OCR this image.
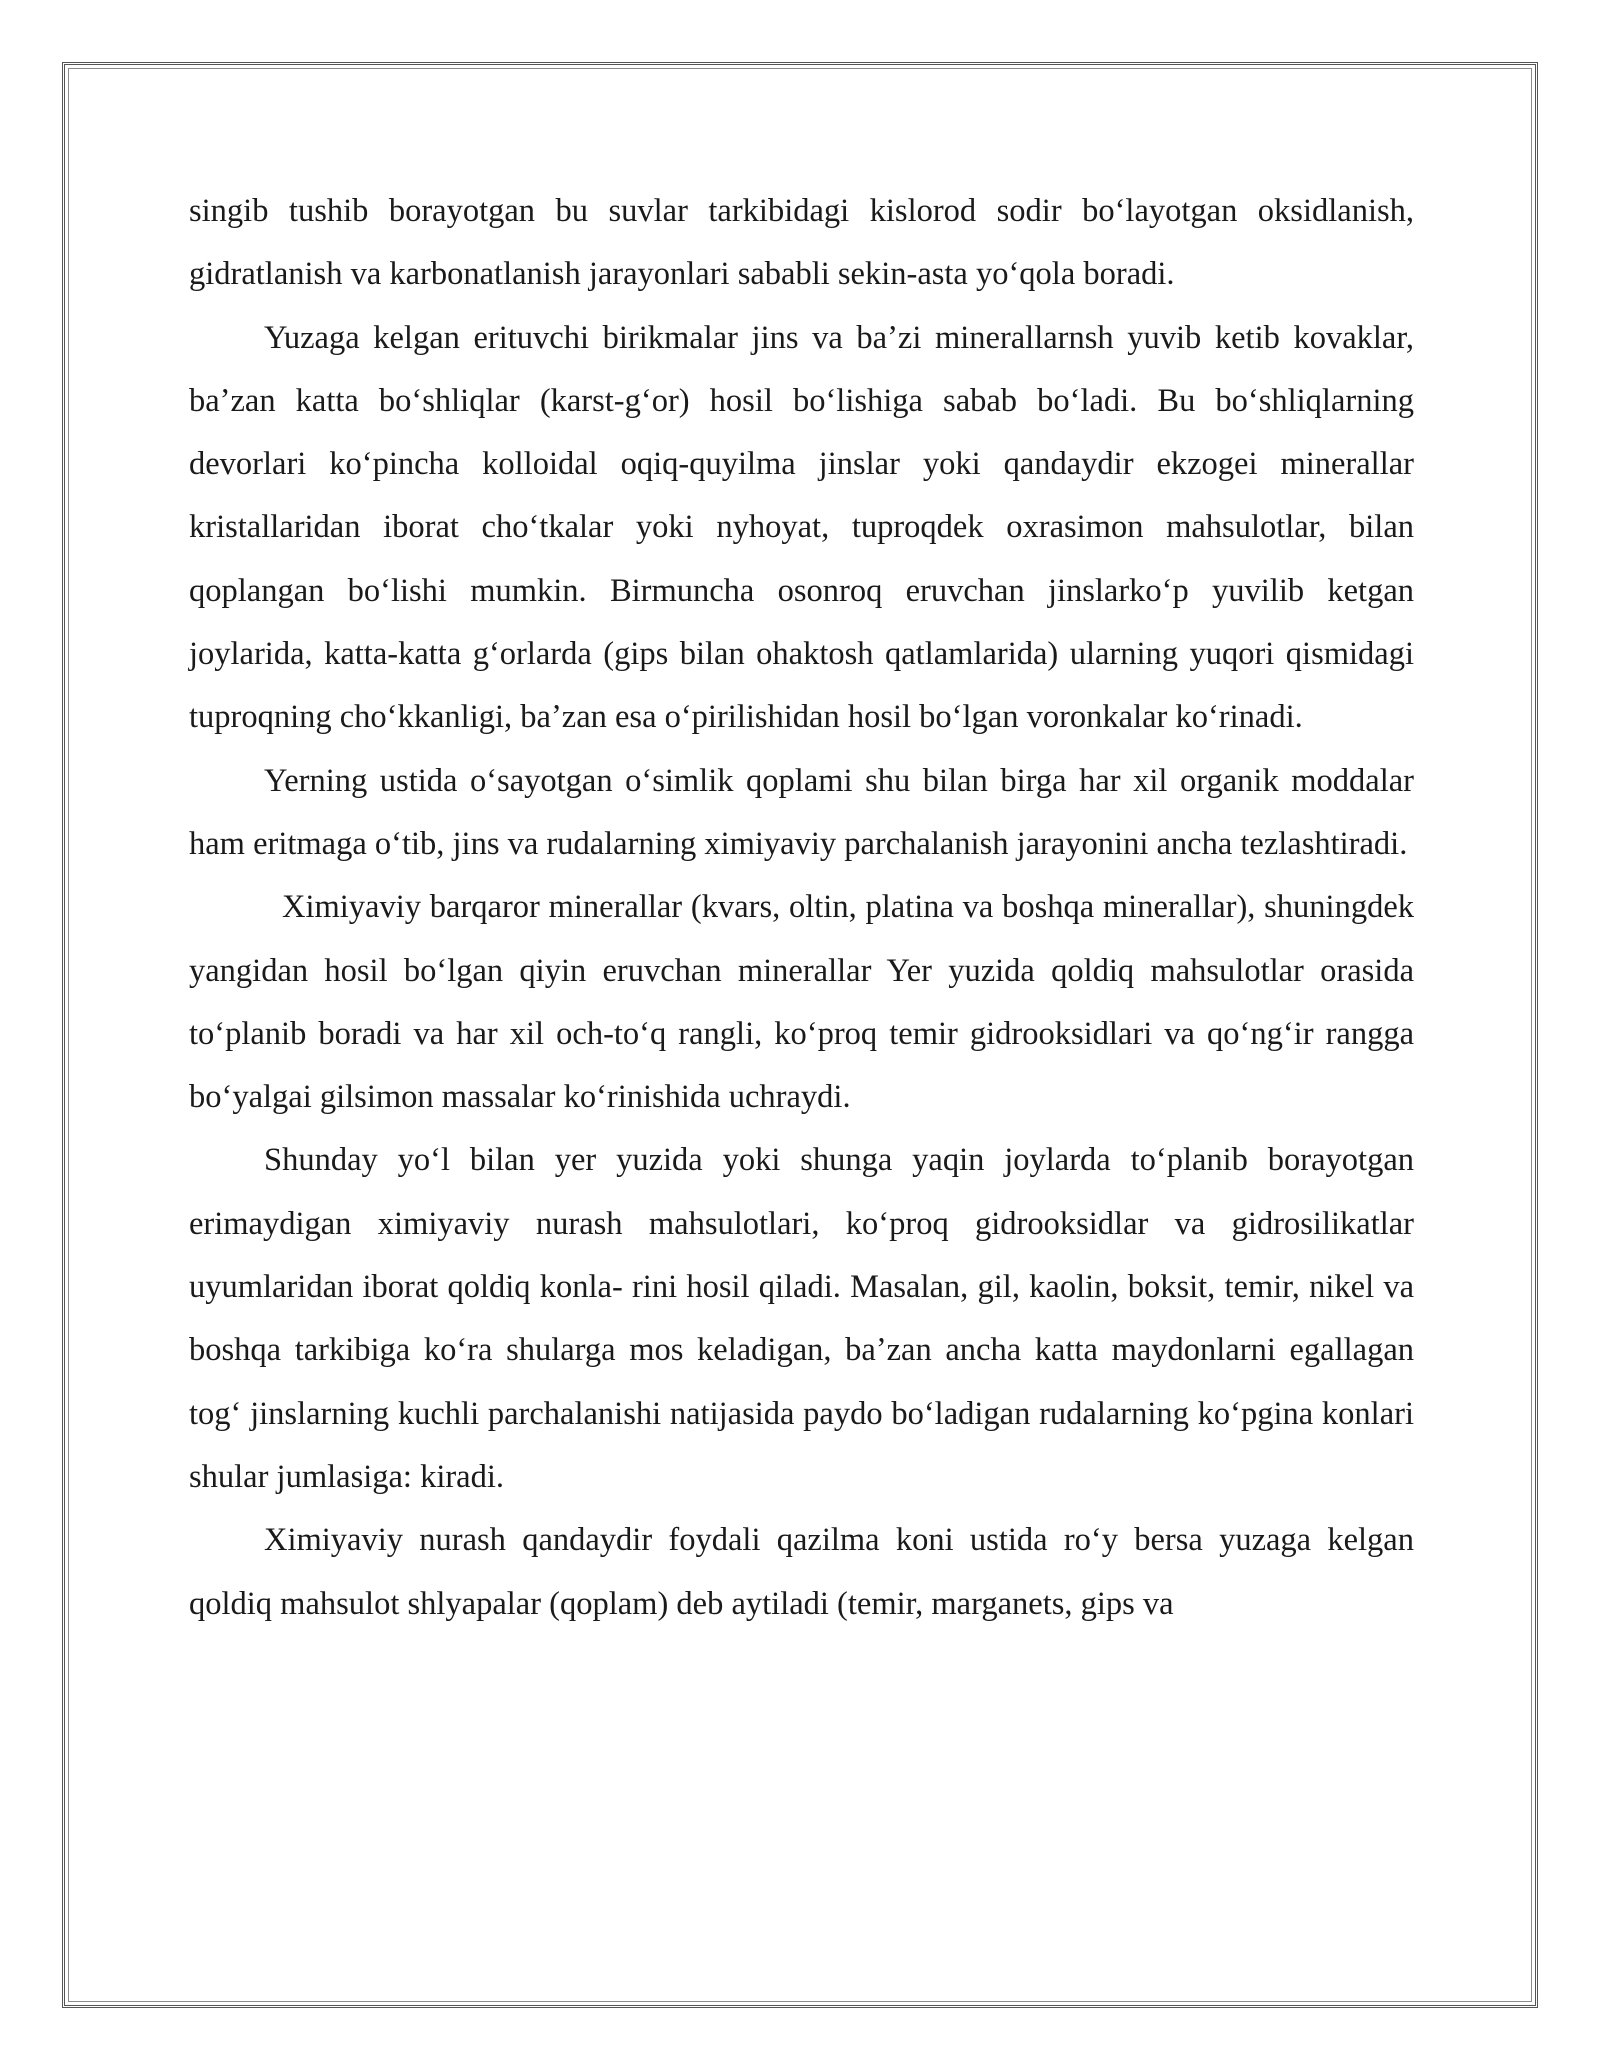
singib tushib borayotgan bu suvlar tarkibidagi kislorod sodir boʻlayotgan oksidlanish, gidratlanish va karbonatlanish jarayonlari sababli sekin-asta yoʻqola boradi.

Yuzaga kelgan erituvchi birikmalar jins va baʼzi minerallarnsh yuvib ketib kovaklar, baʼzan katta boʻshliqlar (karst-gʻor) hosil boʻlishiga sabab boʻladi. Bu boʻshliqlarning devorlari koʻpincha kolloidal oqiq-quyilma jinslar yoki qandaydir ekzogei minerallar kristallaridan iborat choʻtkalar yoki nyhoyat, tuproqdek oxrasimon mahsulotlar, bilan qoplangan boʻlishi mumkin. Birmuncha osonroq eruvchan jinslarkoʻp yuvilib ketgan joylarida, katta-katta gʻorlarda (gips bilan ohaktosh qatlamlarida) ularning yuqori qismidagi tuproqning choʻkkanligi, baʼzan esa oʻpirilishidan hosil boʻlgan voronkalar koʻrinadi.

Yerning ustida oʻsayotgan oʻsimlik qoplami shu bilan birga har xil organik moddalar ham eritmaga oʻtib, jins va rudalarning ximiyaviy parchalanish jarayonini ancha tezlashtiradi.

Ximiyaviy barqaror minerallar (kvars, oltin, platina va boshqa minerallar), shuningdek yangidan hosil boʻlgan qiyin eruvchan minerallar Yer yuzida qoldiq mahsulotlar orasida toʻplanib boradi va har xil och-toʻq rangli, koʻproq temir gidrooksidlari va qoʻngʻir rangga boʻyalgai gilsimon massalar koʻrinishida uchraydi.

Shunday yoʻl bilan yer yuzida yoki shunga yaqin joylarda toʻplanib borayotgan erimaydigan ximiyaviy nurash mahsulotlari, koʻproq gidrooksidlar va gidrosilikatlar uyumlaridan iborat qoldiq konla- rini hosil qiladi. Masalan, gil, kaolin, boksit, temir, nikel va boshqa tarkibiga koʻra shularga mos keladigan, baʼzan ancha katta maydonlarni egallagan togʻ jinslarning kuchli parchalanishi natijasida paydo boʻladigan rudalarning koʻpgina konlari shular jumlasiga: kiradi.

Ximiyaviy nurash qandaydir foydali qazilma koni ustida roʻy bersa yuzaga kelgan qoldiq mahsulot shlyapalar (qoplam) deb aytiladi (temir, marganets, gips va
